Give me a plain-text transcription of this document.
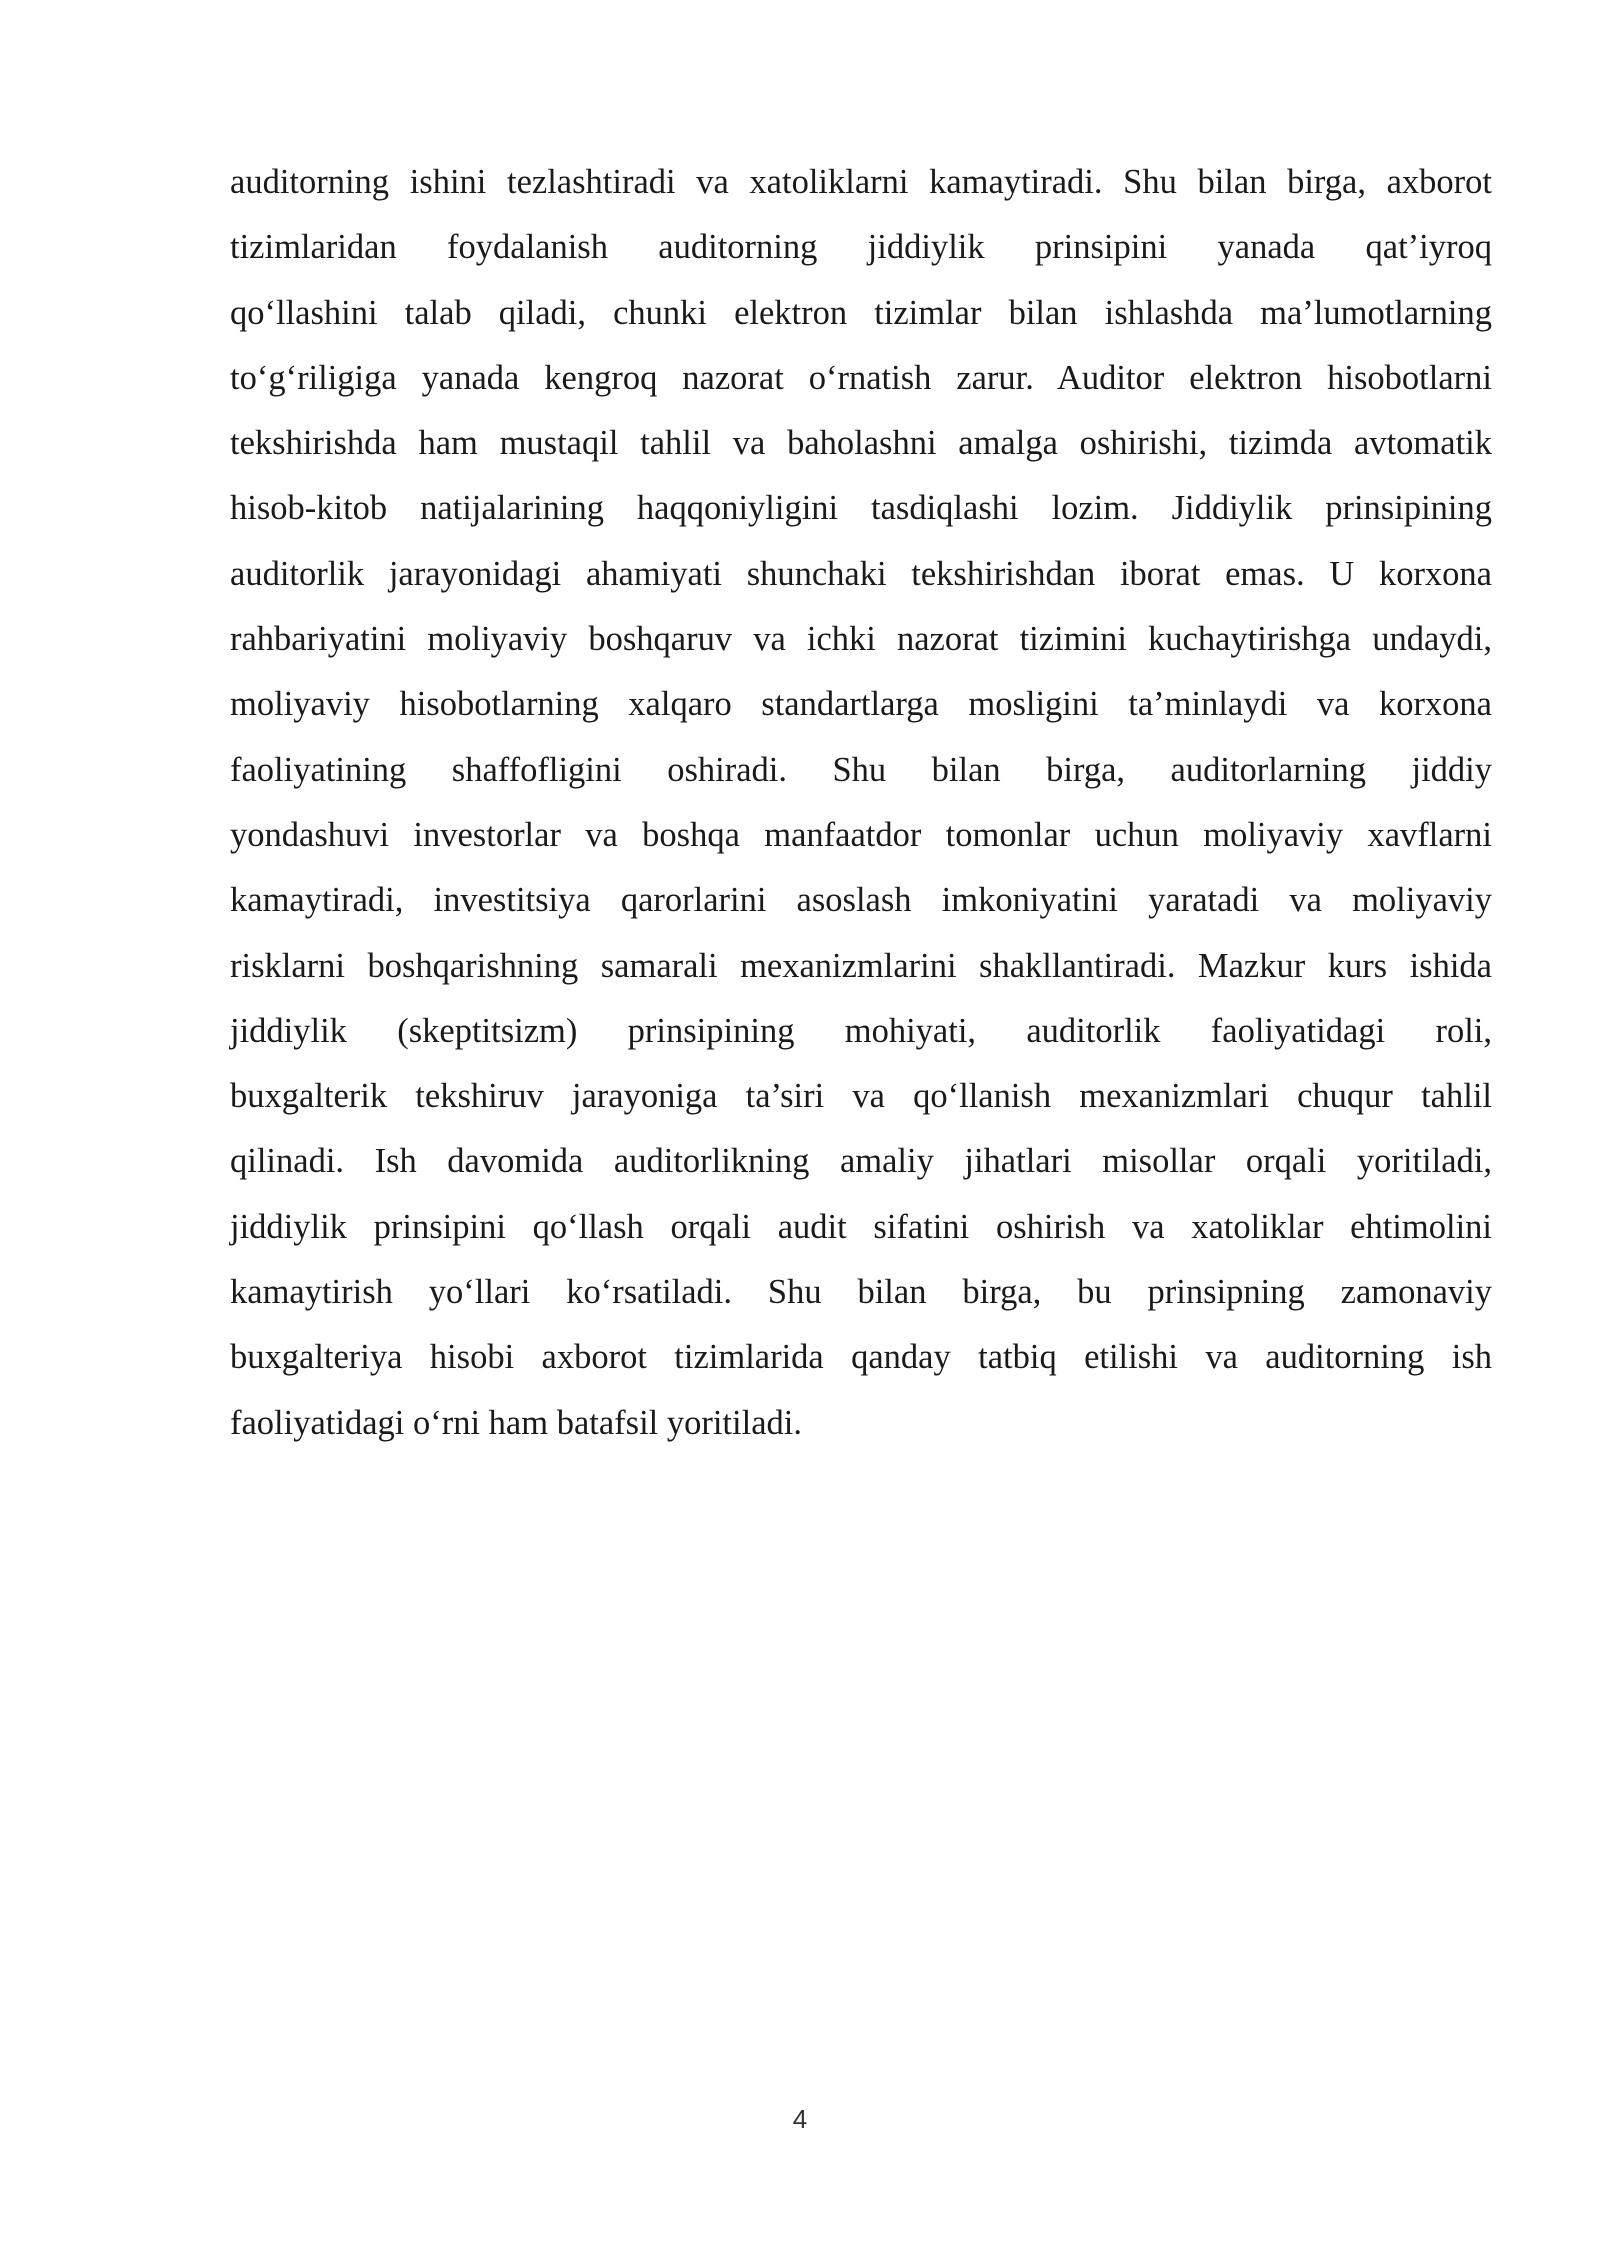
auditorning ishini tezlashtiradi va xatoliklarni kamaytiradi. Shu bilan birga, axborot
tizimlaridan foydalanish auditorning jiddiylik prinsipini yanada qat’iyroq
qo‘llashini talab qiladi, chunki elektron tizimlar bilan ishlashda ma’lumotlarning
to‘g‘riligiga yanada kengroq nazorat o‘rnatish zarur. Auditor elektron hisobotlarni
tekshirishda ham mustaqil tahlil va baholashni amalga oshirishi, tizimda avtomatik
hisob-kitob natijalarining haqqoniyligini tasdiqlashi lozim. Jiddiylik prinsipining
auditorlik jarayonidagi ahamiyati shunchaki tekshirishdan iborat emas. U korxona
rahbariyatini moliyaviy boshqaruv va ichki nazorat tizimini kuchaytirishga undaydi,
moliyaviy hisobotlarning xalqaro standartlarga mosligini ta’minlaydi va korxona
faoliyatining shaffofligini oshiradi. Shu bilan birga, auditorlarning jiddiy
yondashuvi investorlar va boshqa manfaatdor tomonlar uchun moliyaviy xavflarni
kamaytiradi, investitsiya qarorlarini asoslash imkoniyatini yaratadi va moliyaviy
risklarni boshqarishning samarali mexanizmlarini shakllantiradi. Mazkur kurs ishida
jiddiylik (skeptitsizm) prinsipining mohiyati, auditorlik faoliyatidagi roli,
buxgalterik tekshiruv jarayoniga ta’siri va qo‘llanish mexanizmlari chuqur tahlil
qilinadi. Ish davomida auditorlikning amaliy jihatlari misollar orqali yoritiladi,
jiddiylik prinsipini qo‘llash orqali audit sifatini oshirish va xatoliklar ehtimolini
kamaytirish yo‘llari ko‘rsatiladi. Shu bilan birga, bu prinsipning zamonaviy
buxgalteriya hisobi axborot tizimlarida qanday tatbiq etilishi va auditorning ish
faoliyatidagi o‘rni ham batafsil yoritiladi.

4
